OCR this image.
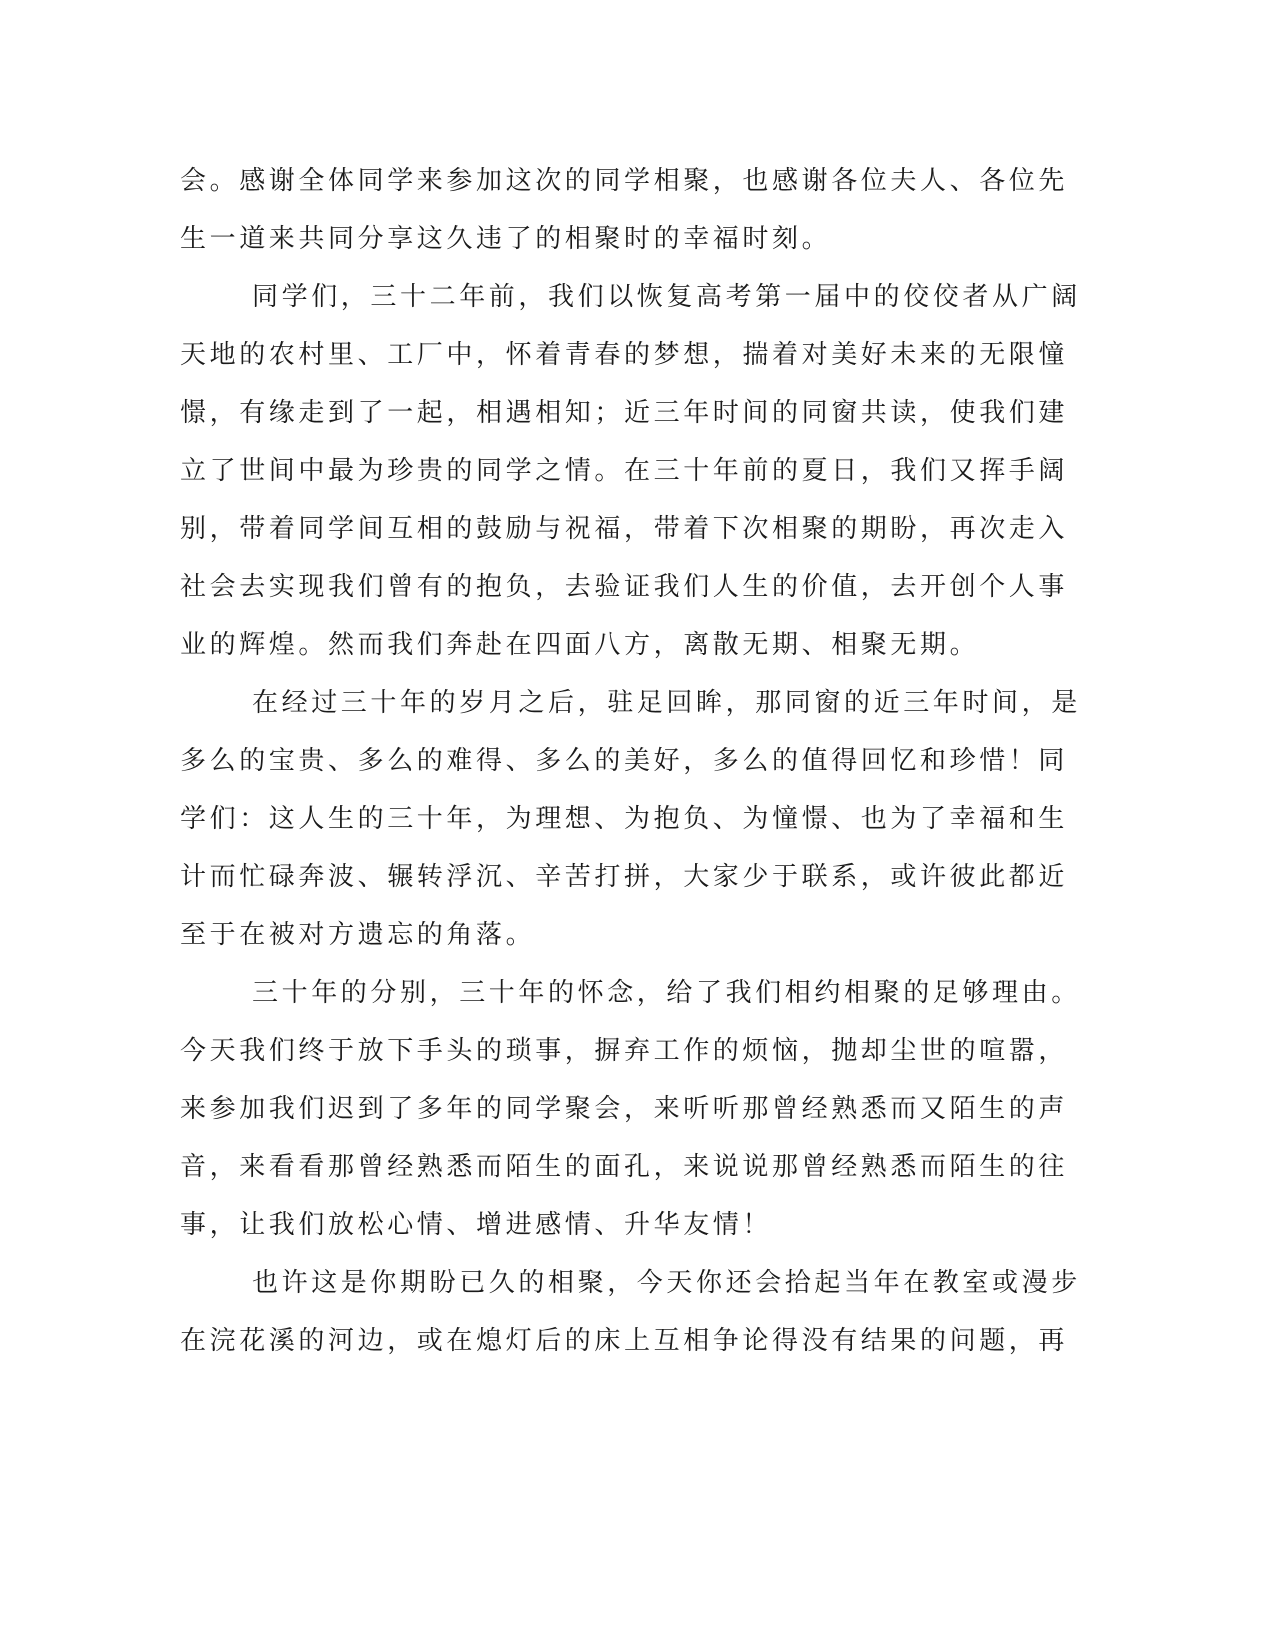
会。感谢全体同学来参加这次的同学相聚，也感谢各位夫人、各位先
生一道来共同分享这久违了的相聚时的幸福时刻。
同学们，三十二年前，我们以恢复高考第一届中的佼佼者从广阔
天地的农村里、工厂中，怀着青春的梦想，揣着对美好未来的无限憧
憬，有缘走到了一起，相遇相知；近三年时间的同窗共读，使我们建
立了世间中最为珍贵的同学之情。在三十年前的夏日，我们又挥手阔
别，带着同学间互相的鼓励与祝福，带着下次相聚的期盼，再次走入
社会去实现我们曾有的抱负，去验证我们人生的价值，去开创个人事
业的辉煌。然而我们奔赴在四面八方，离散无期、相聚无期。
在经过三十年的岁月之后，驻足回眸，那同窗的近三年时间，是
多么的宝贵、多么的难得、多么的美好，多么的值得回忆和珍惜！同
学们：这人生的三十年，为理想、为抱负、为憧憬、也为了幸福和生
计而忙碌奔波、辗转浮沉、辛苦打拼，大家少于联系，或许彼此都近
至于在被对方遗忘的角落。
三十年的分别，三十年的怀念，给了我们相约相聚的足够理由。
今天我们终于放下手头的琐事，摒弃工作的烦恼，抛却尘世的喧嚣，
来参加我们迟到了多年的同学聚会，来听听那曾经熟悉而又陌生的声
音，来看看那曾经熟悉而陌生的面孔，来说说那曾经熟悉而陌生的往
事，让我们放松心情、增进感情、升华友情！
也许这是你期盼已久的相聚，今天你还会拾起当年在教室或漫步
在浣花溪的河边，或在熄灯后的床上互相争论得没有结果的问题，再
